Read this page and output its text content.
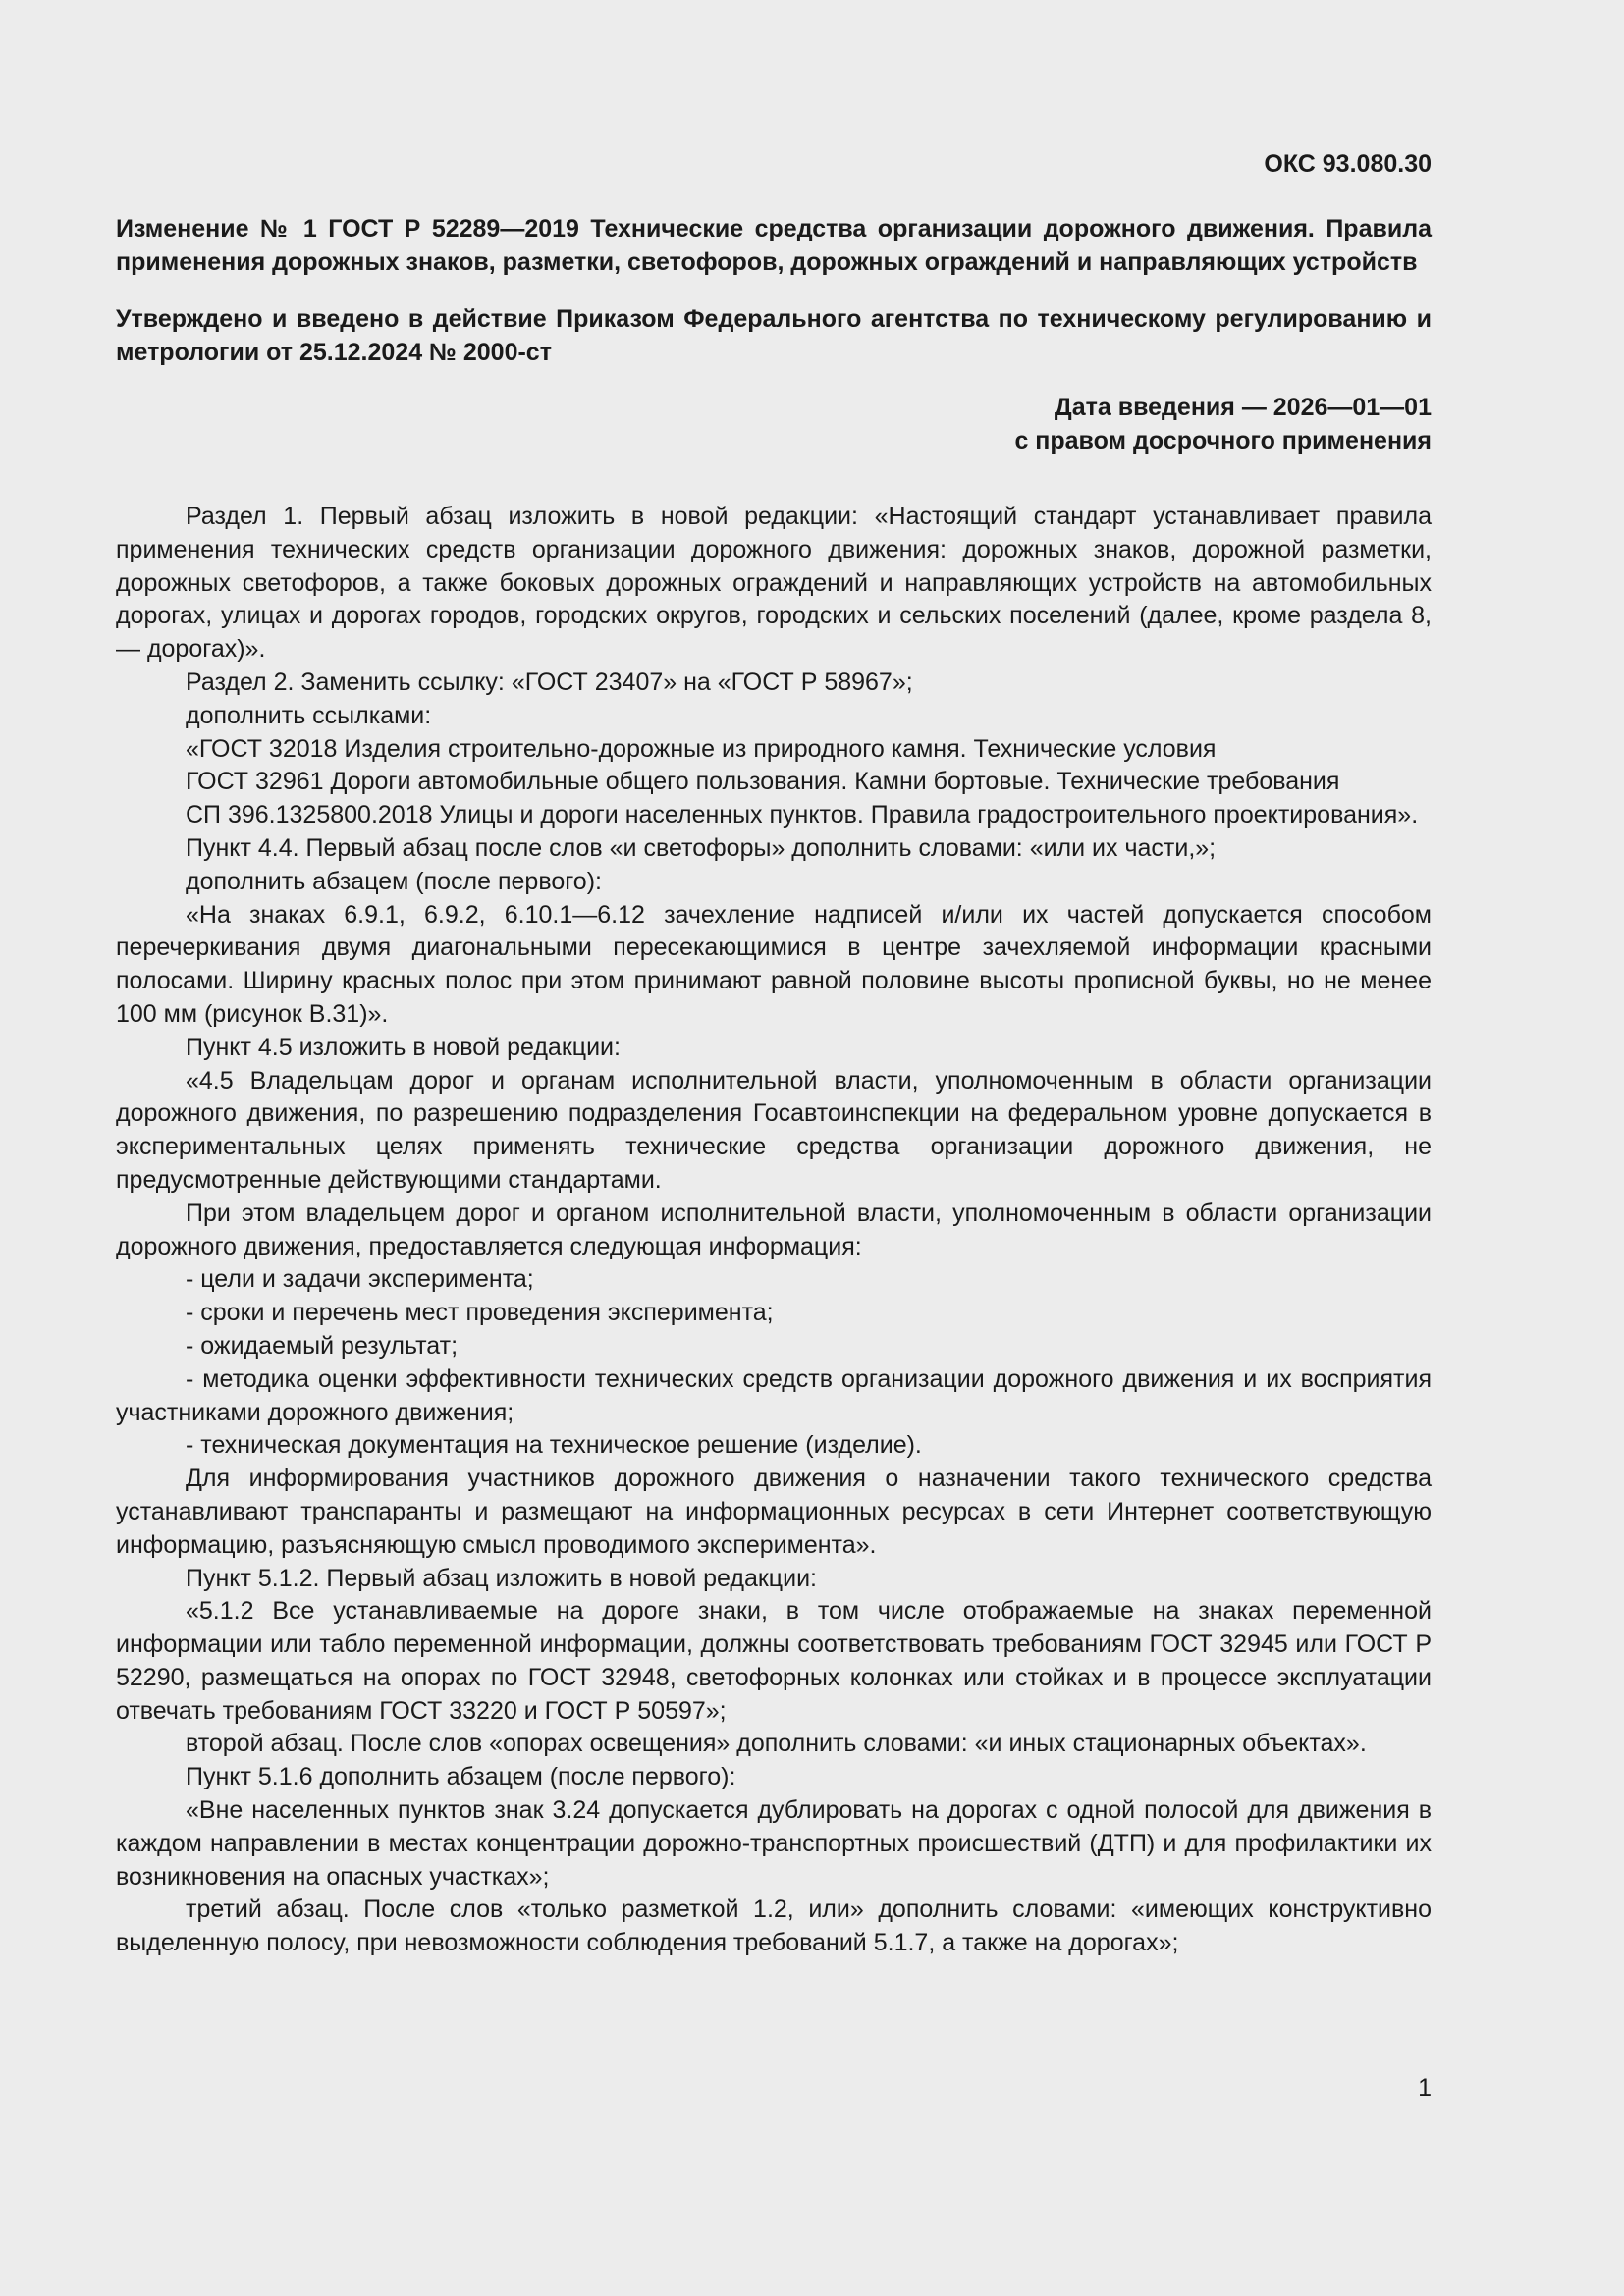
ОКС 93.080.30
Изменение № 1 ГОСТ Р 52289—2019 Технические средства организации дорожного движения. Правила применения дорожных знаков, разметки, светофоров, дорожных ограждений и направляющих устройств
Утверждено и введено в действие Приказом Федерального агентства по техническому регулированию и метрологии от 25.12.2024 № 2000-ст
Дата введения — 2026—01—01
с правом досрочного применения

Раздел 1. Первый абзац изложить в новой редакции: «Настоящий стандарт устанавливает правила применения технических средств организации дорожного движения: дорожных знаков, дорожной разметки, дорожных светофоров, а также боковых дорожных ограждений и направляющих устройств на автомобильных дорогах, улицах и дорогах городов, городских округов, городских и сельских поселений (далее, кроме раздела 8, — дорогах)».

Раздел 2. Заменить ссылку: «ГОСТ 23407» на «ГОСТ Р 58967»;

дополнить ссылками:

«ГОСТ 32018 Изделия строительно-дорожные из природного камня. Технические условия

ГОСТ 32961 Дороги автомобильные общего пользования. Камни бортовые. Технические требования

СП 396.1325800.2018 Улицы и дороги населенных пунктов. Правила градостроительного проектирования».

Пункт 4.4. Первый абзац после слов «и светофоры» дополнить словами: «или их части,»;

дополнить абзацем (после первого):

«На знаках 6.9.1, 6.9.2, 6.10.1—6.12 зачехление надписей и/или их частей допускается способом перечеркивания двумя диагональными пересекающимися в центре зачехляемой информации красными полосами. Ширину красных полос при этом принимают равной половине высоты прописной буквы, но не менее 100 мм (рисунок В.31)».

Пункт 4.5 изложить в новой редакции:

«4.5 Владельцам дорог и органам исполнительной власти, уполномоченным в области организации дорожного движения, по разрешению подразделения Госавтоинспекции на федеральном уровне допускается в экспериментальных целях применять технические средства организации дорожного движения, не предусмотренные действующими стандартами.

При этом владельцем дорог и органом исполнительной власти, уполномоченным в области организации дорожного движения, предоставляется следующая информация:

- цели и задачи эксперимента;

- сроки и перечень мест проведения эксперимента;

- ожидаемый результат;

- методика оценки эффективности технических средств организации дорожного движения и их восприятия участниками дорожного движения;

- техническая документация на техническое решение (изделие).

Для информирования участников дорожного движения о назначении такого технического средства устанавливают транспаранты и размещают на информационных ресурсах в сети Интернет соответствующую информацию, разъясняющую смысл проводимого эксперимента».

Пункт 5.1.2. Первый абзац изложить в новой редакции:

«5.1.2 Все устанавливаемые на дороге знаки, в том числе отображаемые на знаках переменной информации или табло переменной информации, должны соответствовать требованиям ГОСТ 32945 или ГОСТ Р 52290, размещаться на опорах по ГОСТ 32948, светофорных колонках или стойках и в процессе эксплуатации отвечать требованиям ГОСТ 33220 и ГОСТ Р 50597»;

второй абзац. После слов «опорах освещения» дополнить словами: «и иных стационарных объектах».

Пункт 5.1.6 дополнить абзацем (после первого):

«Вне населенных пунктов знак 3.24 допускается дублировать на дорогах с одной полосой для движения в каждом направлении в местах концентрации дорожно-транспортных происшествий (ДТП) и для профилактики их возникновения на опасных участках»;

третий абзац. После слов «только разметкой 1.2, или» дополнить словами: «имеющих конструктивно выделенную полосу, при невозможности соблюдения требований 5.1.7, а также на дорогах»;

1
